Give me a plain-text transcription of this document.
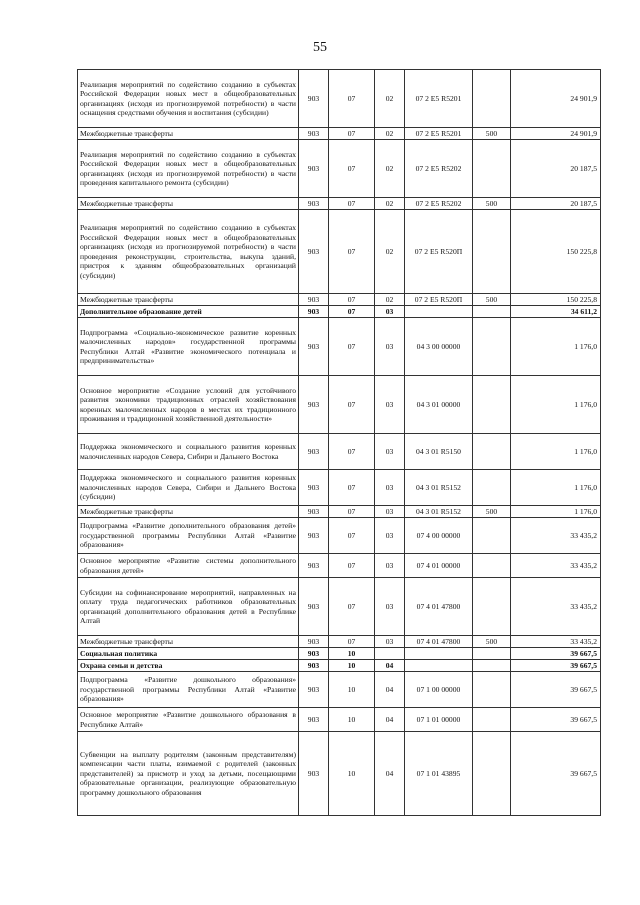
55
Реализация мероприятий по содействию созданию в субъектах Российской Федерации новых мест в общеобразовательных организациях (исходя из прогнозируемой потребности) в части оснащения средствами обучения и воспитания (субсидии)	903	07	02	07 2 Е5 R5201		24 901,9
Межбюджетные трансферты	903	07	02	07 2 Е5 R5201	500	24 901,9
Реализация мероприятий по содействию созданию в субъектах Российской Федерации новых мест в общеобразовательных организациях (исходя из прогнозируемой потребности) в части проведения капитального ремонта (субсидии)	903	07	02	07 2 Е5 R5202		20 187,5
Межбюджетные трансферты	903	07	02	07 2 Е5 R5202	500	20 187,5
Реализация мероприятий по содействию созданию в субъектах Российской Федерации новых мест в общеобразовательных организациях (исходя из прогнозируемой потребности) в части проведения реконструкции, строительства, выкупа зданий, пристроя к зданиям общеобразовательных организаций (субсидии)	903	07	02	07 2 Е5 R520П		150 225,8
Межбюджетные трансферты	903	07	02	07 2 Е5 R520П	500	150 225,8
Дополнительное образование детей	903	07	03			34 611,2
Подпрограмма «Социально-экономическое развитие коренных малочисленных народов» государственной программы Республики Алтай «Развитие экономического потенциала и предпринимательства»	903	07	03	04 3 00 00000		1 176,0
Основное мероприятие «Создание условий для устойчивого развития экономики традиционных отраслей хозяйствования коренных малочисленных народов в местах их традиционного проживания и традиционной хозяйственной деятельности»	903	07	03	04 3 01 00000		1 176,0
Поддержка экономического и социального развития коренных малочисленных народов Севера, Сибири и Дальнего Востока	903	07	03	04 3 01 R5150		1 176,0
Поддержка экономического и социального развития коренных малочисленных народов Севера, Сибири и Дальнего Востока (субсидии)	903	07	03	04 3 01 R5152		1 176,0
Межбюджетные трансферты	903	07	03	04 3 01 R5152	500	1 176,0
Подпрограмма «Развитие дополнительного образования детей» государственной программы Республики Алтай «Развитие образования»	903	07	03	07 4 00 00000		33 435,2
Основное мероприятие «Развитие системы дополнительного образования детей»	903	07	03	07 4 01 00000		33 435,2
Субсидии на софинансирование мероприятий, направленных на оплату труда педагогических работников образовательных организаций дополнительного образования детей в Республике Алтай	903	07	03	07 4 01 47800		33 435,2
Межбюджетные трансферты	903	07	03	07 4 01 47800	500	33 435,2
Социальная политика	903	10				39 667,5
Охрана семьи и детства	903	10	04			39 667,5
Подпрограмма «Развитие дошкольного образования» государственной программы Республики Алтай «Развитие образования»	903	10	04	07 1 00 00000		39 667,5
Основное мероприятие «Развитие дошкольного образования в Республике Алтай»	903	10	04	07 1 01 00000		39 667,5
Субвенции на выплату родителям (законным представителям) компенсации части платы, взимаемой с родителей (законных представителей) за присмотр и уход за детьми, посещающими образовательные организации, реализующие образовательную программу дошкольного образования	903	10	04	07 1 01 43895		39 667,5
